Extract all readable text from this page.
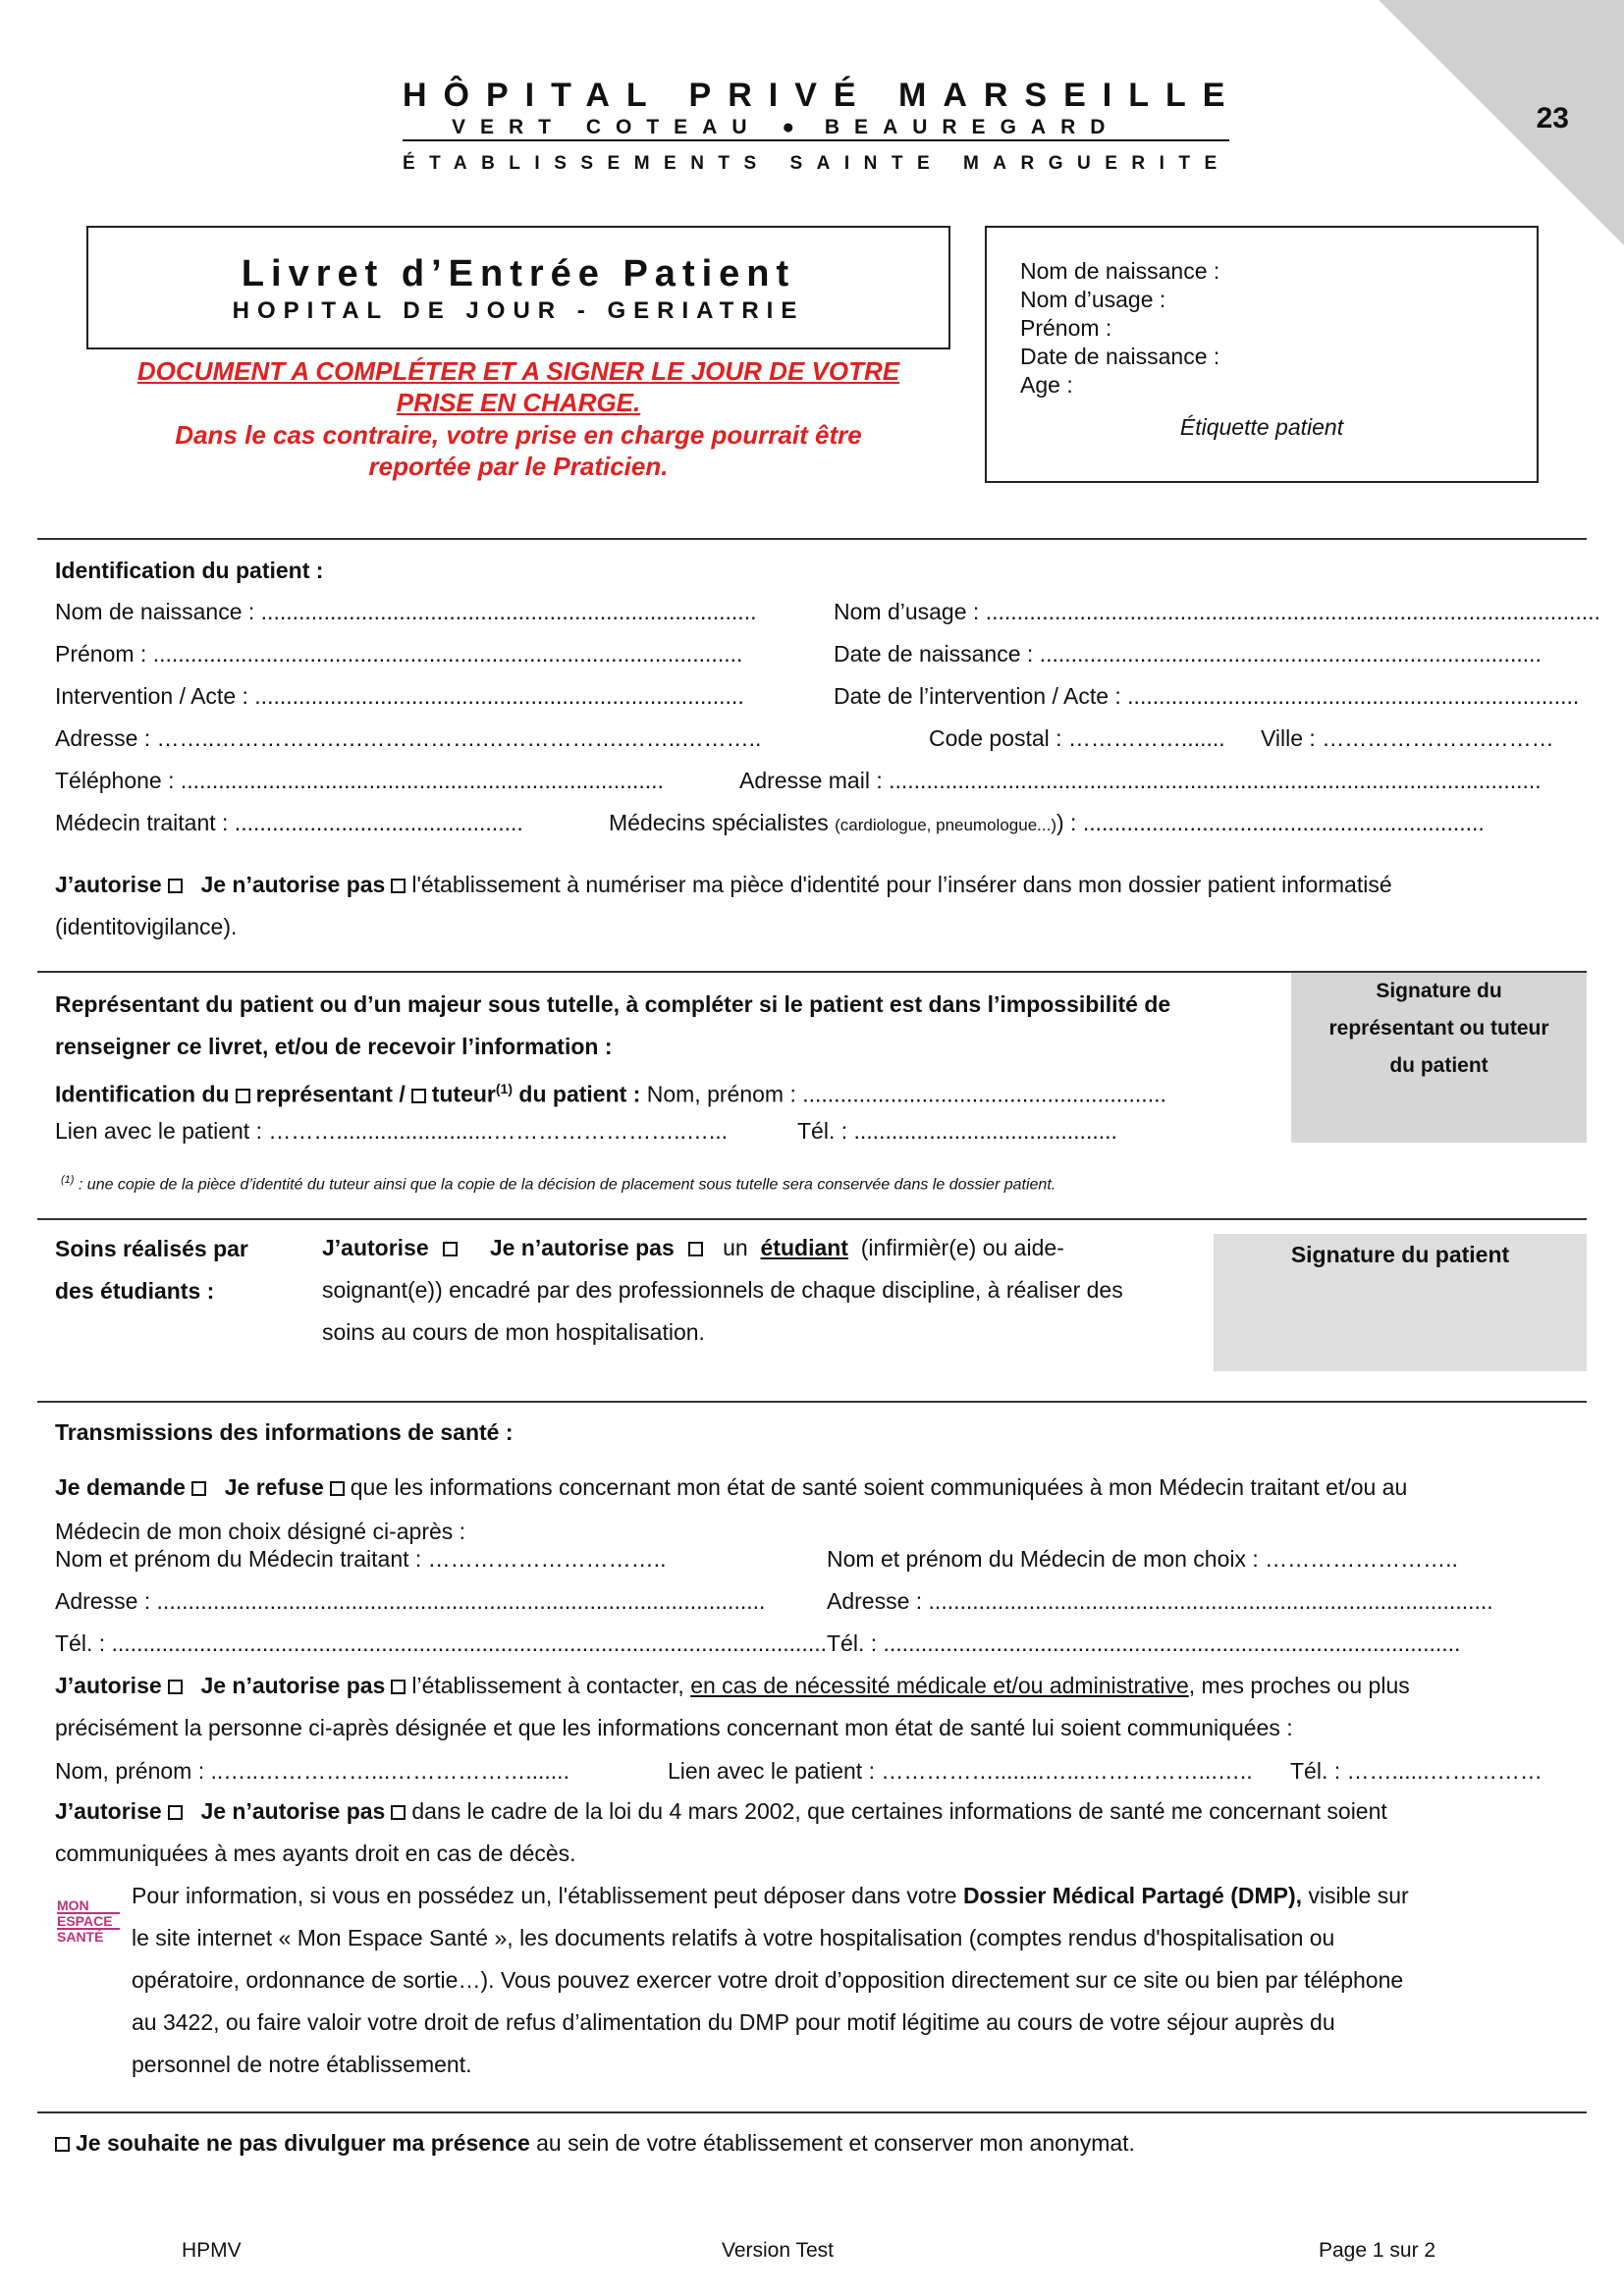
23
HÔPITAL PRIVÉ MARSEILLE
VERT COTEAU ● BEAUREGARD
ÉTABLISSEMENTS SAINTE MARGUERITE
Livret d’Entrée Patient
HOPITAL DE JOUR - GERIATRIE
DOCUMENT A COMPLÉTER ET A SIGNER LE JOUR DE VOTRE
PRISE EN CHARGE.
Dans le cas contraire, votre prise en charge pourrait être
reportée par le Praticien.
Nom de naissance :
Nom d’usage :
Prénom :
Date de naissance :
Age :
Étiquette patient
Identification du patient :
Nom de naissance : ...............................................................................	Nom d’usage : ..................................................................................................
Prénom : ..............................................................................................	Date de naissance : ................................................................................
Intervention / Acte : ..............................................................................	Date de l’intervention / Acte : ........................................................................
Adresse : ……..…………….….…………….……………….……..………..	Code postal : ……………....... Ville : ………………….………
Téléphone : .............................................................................	Adresse mail : ........................................................................................................
Médecin traitant : ..............................................	Médecins spécialistes (cardiologue, pneumologue...)) : ................................................................
J’autorise Je n’autorise pas l'établissement à numériser ma pièce d'identité pour l’insérer dans mon dossier patient informatisé
(identitovigilance).
Signature du
représentant ou tuteur
du patient
Représentant du patient ou d’un majeur sous tutelle, à compléter si le patient est dans l’impossibilité de
renseigner ce livret, et/ou de recevoir l’information :
Identification du représentant / tuteur$^{(1)}$ du patient : Nom, prénom : ..........................................................
Lien avec le patient : ……….........................……………………..…...	Tél. : ..........................................
$^{(1)}$ : une copie de la pièce d’identité du tuteur ainsi que la copie de la décision de placement sous tutelle sera conservée dans le dossier patient.
Signature du patient
Soins réalisés par
des étudiants :
J’autorise	Je n’autorise pas un étudiant (infirmièr(e) ou aide-
soignant(e)) encadré par des professionnels de chaque discipline, à réaliser des
soins au cours de mon hospitalisation.
Transmissions des informations de santé :
Je demande Je refuse que les informations concernant mon état de santé soient communiquées à mon Médecin traitant et/ou au
Médecin de mon choix désigné ci-après :
Nom et prénom du Médecin traitant : …………………………..	Nom et prénom du Médecin de mon choix : ……………………..
Adresse : .................................................................................................	Adresse : ..........................................................................................
Tél. : .................................................................................................................. Tél. : ............................................................................................
J’autorise Je n’autorise pas l’établissement à contacter, en cas de nécessité médicale et/ou administrative, mes proches ou plus
précisément la personne ci-après désignée et que les informations concernant mon état de santé lui soient communiquées :
Nom, prénom : ..…..……………...……………….......	Lien avec le patient : ……………........…...……………...….. Tél. : ……......……………
J’autorise Je n’autorise pas dans le cadre de la loi du 4 mars 2002, que certaines informations de santé me concernant soient
communiquées à mes ayants droit en cas de décès.
MON
ESPACE
SANTÉ
Pour information, si vous en possédez un, l'établissement peut déposer dans votre Dossier Médical Partagé (DMP), visible sur
le site internet « Mon Espace Santé », les documents relatifs à votre hospitalisation (comptes rendus d'hospitalisation ou
opératoire, ordonnance de sortie…). Vous pouvez exercer votre droit d’opposition directement sur ce site ou bien par téléphone
au 3422, ou faire valoir votre droit de refus d’alimentation du DMP pour motif légitime au cours de votre séjour auprès du
personnel de notre établissement.
Je souhaite ne pas divulguer ma présence au sein de votre établissement et conserver mon anonymat.
HPMV	Version Test	Page 1 sur 2
